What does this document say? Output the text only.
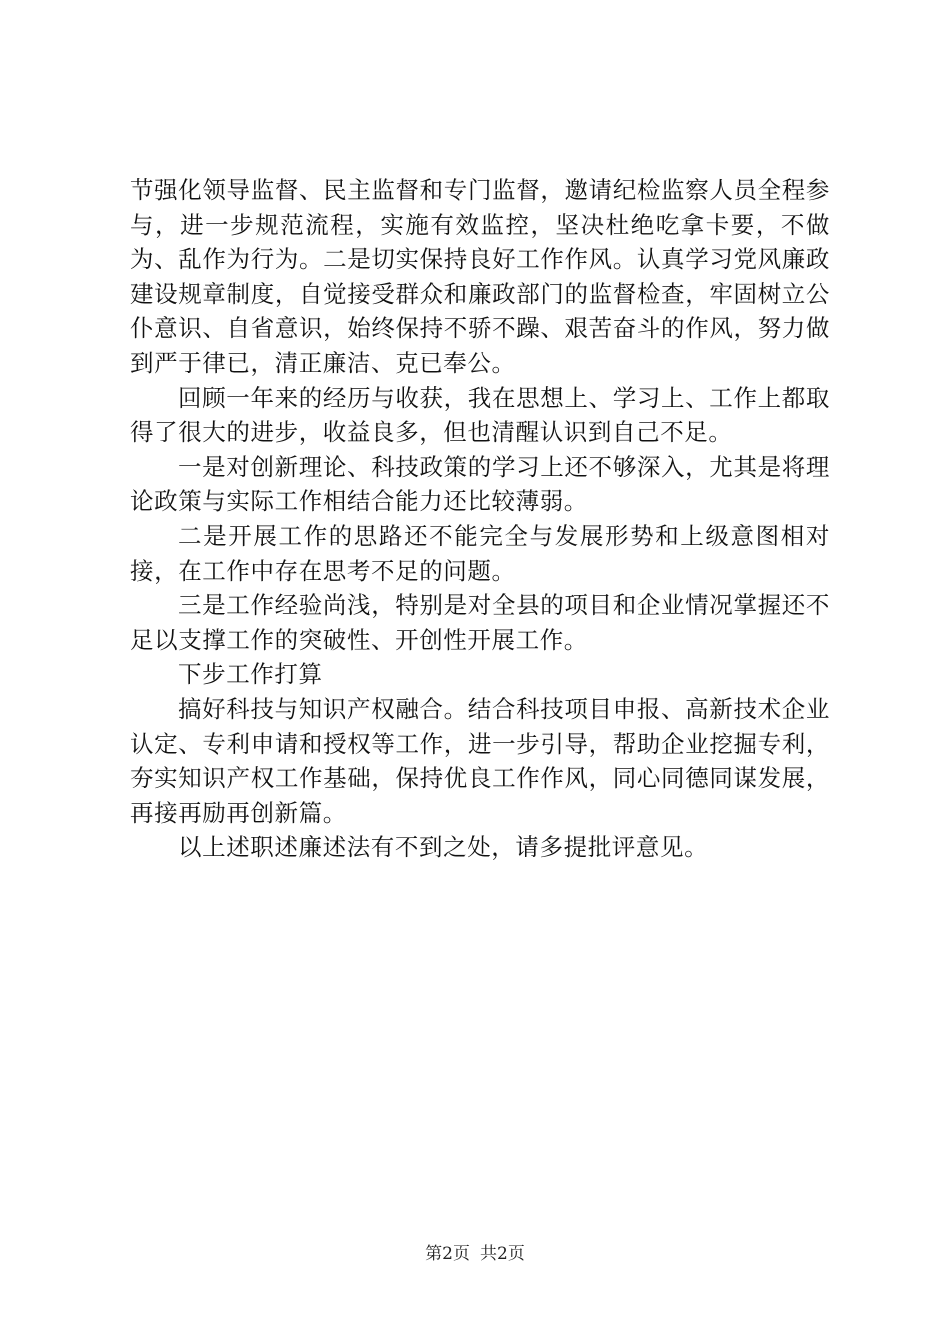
节强化领导监督、民主监督和专门监督，邀请纪检监察人员全程参与，进一步规范流程，实施有效监控，坚决杜绝吃拿卡要，不做为、乱作为行为。二是切实保持良好工作作风。认真学习党风廉政建设规章制度，自觉接受群众和廉政部门的监督检查，牢固树立公仆意识、自省意识，始终保持不骄不躁、艰苦奋斗的作风，努力做到严于律已，清正廉洁、克已奉公。

回顾一年来的经历与收获，我在思想上、学习上、工作上都取得了很大的进步，收益良多，但也清醒认识到自己不足。

一是对创新理论、科技政策的学习上还不够深入，尤其是将理论政策与实际工作相结合能力还比较薄弱。

二是开展工作的思路还不能完全与发展形势和上级意图相对接，在工作中存在思考不足的问题。

三是工作经验尚浅，特别是对全县的项目和企业情况掌握还不足以支撑工作的突破性、开创性开展工作。

下步工作打算

搞好科技与知识产权融合。结合科技项目申报、高新技术企业认定、专利申请和授权等工作，进一步引导，帮助企业挖掘专利，夯实知识产权工作基础，保持优良工作作风，同心同德同谋发展，再接再励再创新篇。

以上述职述廉述法有不到之处，请多提批评意见。

第2页 共2页
